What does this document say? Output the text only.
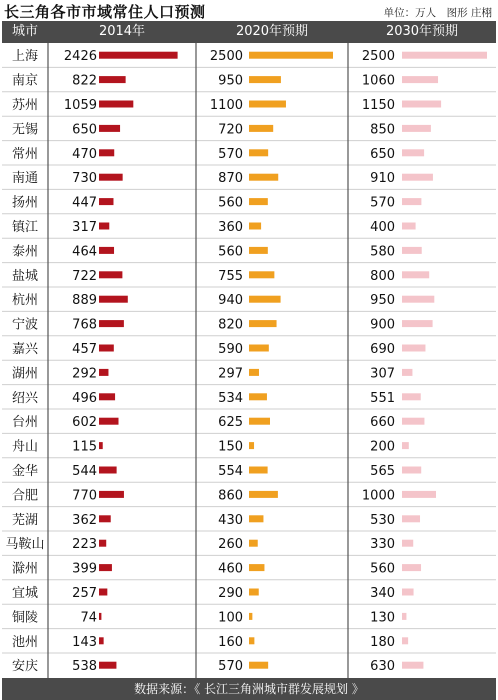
长三角各市市域常住人口预测	单位：万人　图形 庄栩
城市	2014年	2020年预期	2030年预期
上海 2426	2500	2500
南京	822	950	1060
苏州 1059	1100	1150
无锡	650	720	850
常州	470	570	650
南通	730	870	910
扬州	447	560	570
镇江	317	360	400
泰州	464	560	580
盐城	722	755	800
杭州	889	940	950
宁波	768	820	900
嘉兴	457	590	690
湖州	292	297	307
绍兴	496	534	551
台州	602	625	660
舟山	115	150	200
金华	544	554	565
合肥	770	860	1000
芜湖	362	430	530
马鞍山 223	260	330
滁州	399	460	560
宜城	257	290	340
铜陵	74	100	130
池州	143	160	180
安庆	538	570	630
数据来源：《 长江三角洲城市群发展规划 》
